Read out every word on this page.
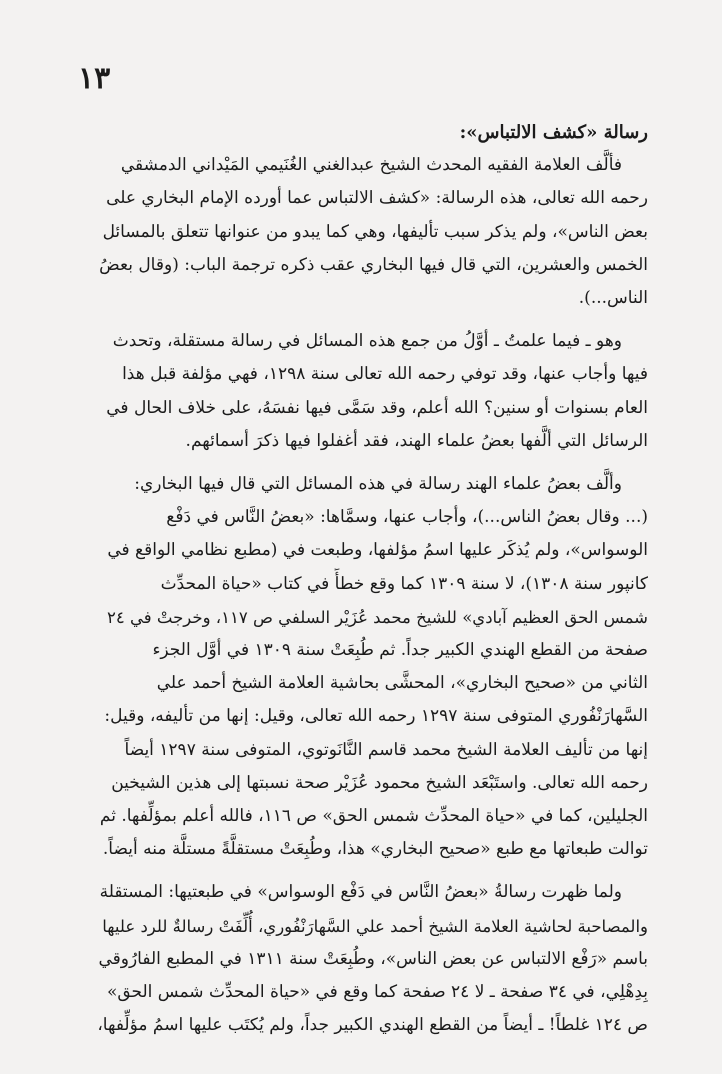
١٣
رسالة «كشف الالتباس»:
فألَّف العلامة الفقيه المحدث الشيخ عبدالغني الغُنَيمي المَيْداني الدمشقي
رحمه الله تعالى، هذه الرسالة: «كشف الالتباس عما أورده الإمام البخاري على
بعض الناس»، ولم يذكر سبب تأليفها، وهي كما يبدو من عنوانها تتعلق بالمسائل
الخمس والعشرين، التي قال فيها البخاري عقب ذكره ترجمة الباب: (وقال بعضُ
الناس...).
وهو ـ فيما علمتُ ـ أوَّلُ من جمع هذه المسائل في رسالة مستقلة، وتحدث
فيها وأجاب عنها، وقد توفي رحمه الله تعالى سنة ١٢٩٨، فهي مؤلفة قبل هذا
العام بسنوات أو سنين؟ الله أعلم، وقد سَمَّى فيها نفسَهُ، على خلاف الحال في
الرسائل التي ألَّفها بعضُ علماء الهند، فقد أغفلوا فيها ذكرَ أسمائهم.
وألَّف بعضُ علماء الهند رسالة في هذه المسائل التي قال فيها البخاري:
(... وقال بعضُ الناس...)، وأجاب عنها، وسمَّاها: «بعضُ النَّاس في دَفْع
الوسواس»، ولم يُذكَر عليها اسمُ مؤلفها، وطبعت في (مطبع نظامي الواقع في
كانپور سنة ١٣٠٨)، لا سنة ١٣٠٩ كما وقع خطأً في كتاب «حياة المحدِّث
شمس الحق العظيم آبادي» للشيخ محمد عُزَيْر السلفي ص ١١٧، وخرجتْ في ٢٤
صفحة من القطع الهندي الكبير جداً. ثم طُبِعَتْ سنة ١٣٠٩ في أوَّل الجزء
الثاني من «صحيح البخاري»، المحشَّى بحاشية العلامة الشيخ أحمد علي
السَّهارَنْفُوري المتوفى سنة ١٢٩٧ رحمه الله تعالى، وقيل: إنها من تأليفه، وقيل:
إنها من تأليف العلامة الشيخ محمد قاسم النَّانَوتوي، المتوفى سنة ١٢٩٧ أيضاً
رحمه الله تعالى. واستَبْعَد الشيخ محمود عُزَيْر صحة نسبتها إلى هذين الشيخين
الجليلين، كما في «حياة المحدِّث شمس الحق» ص ١١٦، فالله أعلم بمؤلِّفها. ثم
توالت طبعاتها مع طبع «صحيح البخاري» هذا، وطُبِعَتْ مستقلَّةً مستلَّة منه أيضاً.
ولما ظهرت رسالةُ «بعضُ النَّاس في دَفْع الوسواس» في طبعتيها: المستقلة
والمصاحبة لحاشية العلامة الشيخ أحمد علي السَّهارَنْفُوري، أُلِّفَتْ رسالةٌ للرد عليها
باسم «رَفْع الالتباس عن بعض الناس»، وطُبِعَتْ سنة ١٣١١ في المطبع الفارُوقي
بِدِهْلِي، في ٣٤ صفحة ـ لا ٢٤ صفحة كما وقع في «حياة المحدِّث شمس الحق»
ص ١٢٤ غلطاً! ـ أيضاً من القطع الهندي الكبير جداً، ولم يُكتَب عليها اسمُ مؤلِّفها،
